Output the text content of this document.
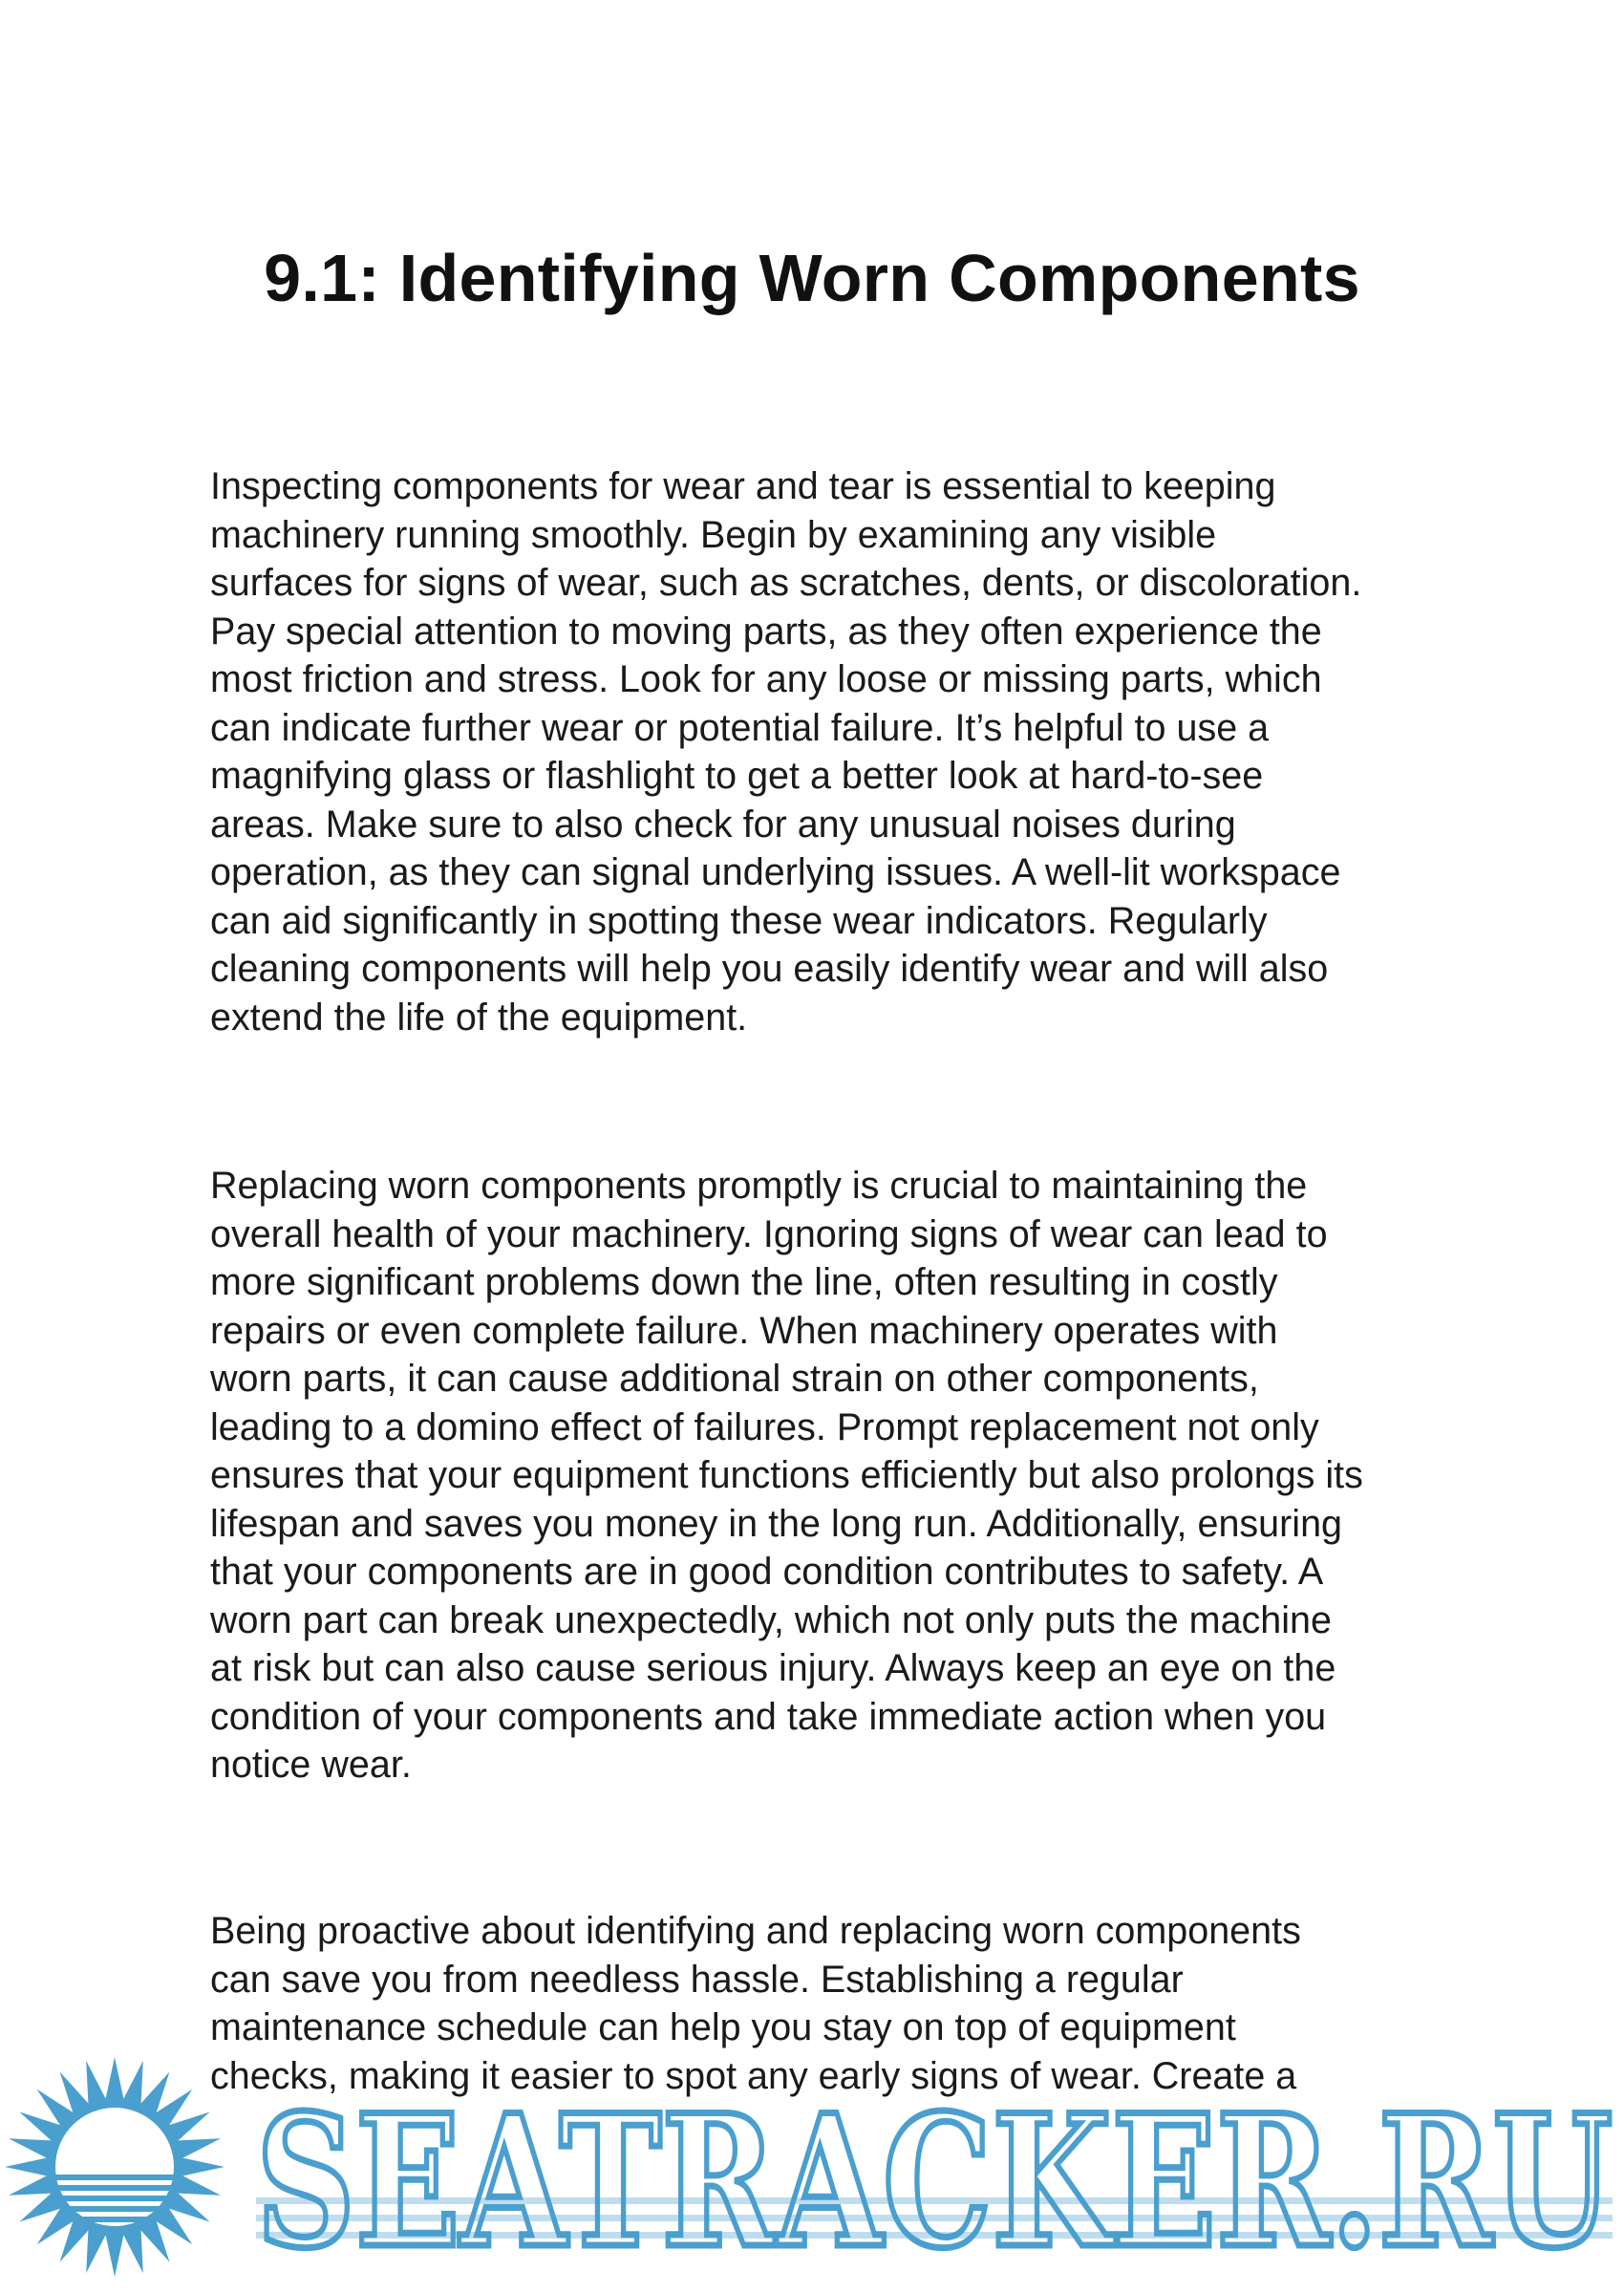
9.1: Identifying Worn Components

Inspecting components for wear and tear is essential to keeping
machinery running smoothly. Begin by examining any visible
surfaces for signs of wear, such as scratches, dents, or discoloration.
Pay special attention to moving parts, as they often experience the
most friction and stress. Look for any loose or missing parts, which
can indicate further wear or potential failure. It’s helpful to use a
magnifying glass or flashlight to get a better look at hard-to-see
areas. Make sure to also check for any unusual noises during
operation, as they can signal underlying issues. A well-lit workspace
can aid significantly in spotting these wear indicators. Regularly
cleaning components will help you easily identify wear and will also
extend the life of the equipment.

Replacing worn components promptly is crucial to maintaining the
overall health of your machinery. Ignoring signs of wear can lead to
more significant problems down the line, often resulting in costly
repairs or even complete failure. When machinery operates with
worn parts, it can cause additional strain on other components,
leading to a domino effect of failures. Prompt replacement not only
ensures that your equipment functions efficiently but also prolongs its
lifespan and saves you money in the long run. Additionally, ensuring
that your components are in good condition contributes to safety. A
worn part can break unexpectedly, which not only puts the machine
at risk but can also cause serious injury. Always keep an eye on the
condition of your components and take immediate action when you
notice wear.

Being proactive about identifying and replacing worn components
can save you from needless hassle. Establishing a regular
maintenance schedule can help you stay on top of equipment
checks, making it easier to spot any early signs of wear. Create a

SEATRACKER.RU
